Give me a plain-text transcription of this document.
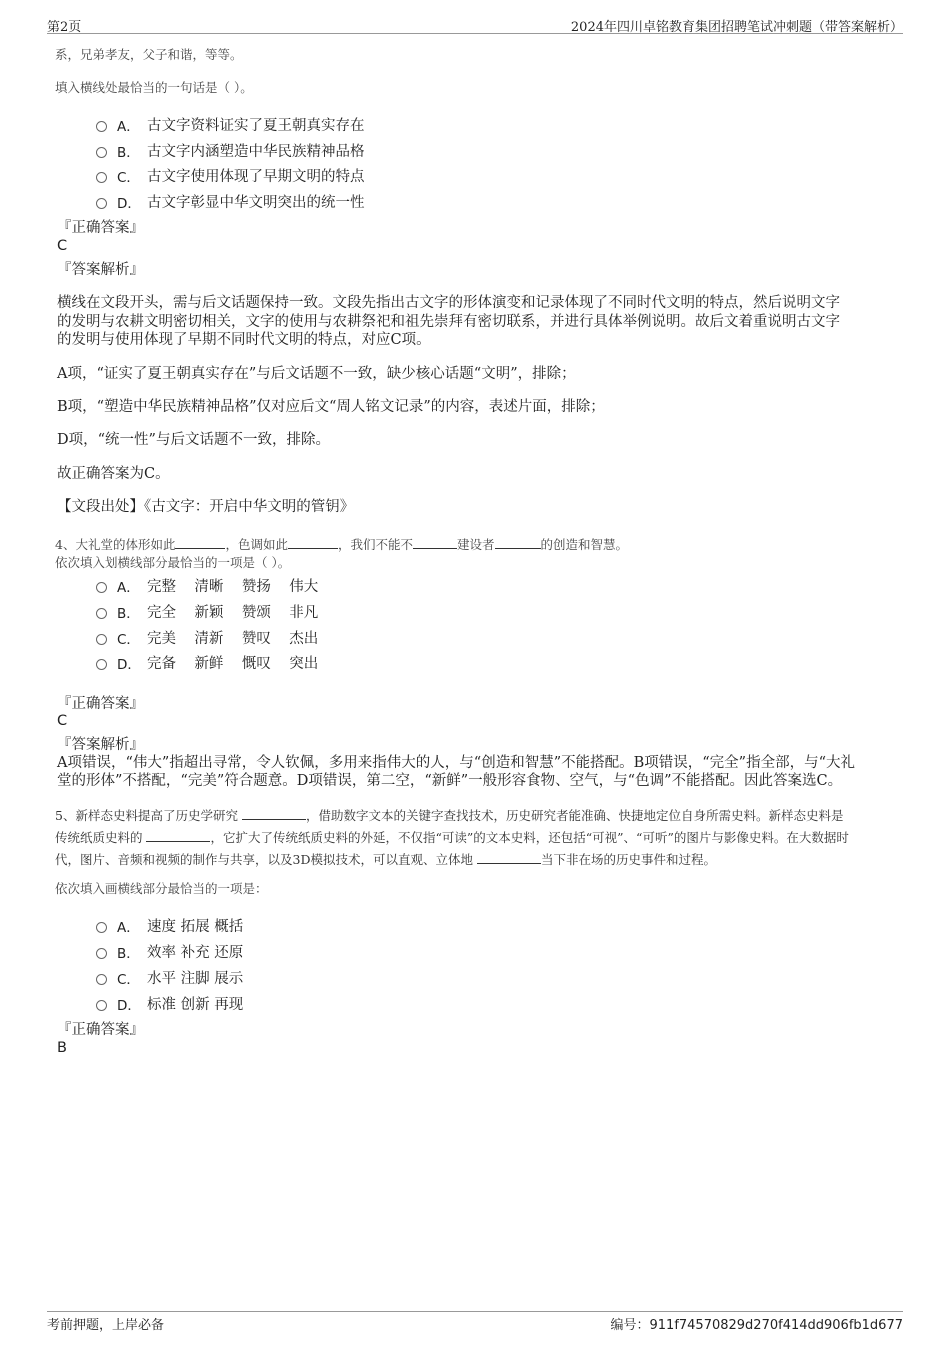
第2页	2024年四川卓铭教育集团招聘笔试冲刺题（带答案解析）
系，兄弟孝友，父子和谐，等等。
填入横线处最恰当的一句话是（ ）。
A． 古文字资料证实了夏王朝真实存在
B． 古文字内涵塑造中华民族精神品格
C． 古文字使用体现了早期文明的特点
D． 古文字彰显中华文明突出的统一性
『正确答案』
C
『答案解析』
横线在文段开头，需与后文话题保持一致。文段先指出古文字的形体演变和记录体现了不同时代文明的特点，然后说明文字
的发明与农耕文明密切相关，文字的使用与农耕祭祀和祖先崇拜有密切联系，并进行具体举例说明。故后文着重说明古文字
的发明与使用体现了早期不同时代文明的特点，对应C项。
A项，“证实了夏王朝真实存在”与后文话题不一致，缺少核心话题“文明”，排除；
B项，“塑造中华民族精神品格”仅对应后文“周人铭文记录”的内容，表述片面，排除；
D项，“统一性”与后文话题不一致，排除。
故正确答案为C。
【文段出处】《古文字：开启中华文明的管钥》
4、大礼堂的体形如此	，色调如此	，我们不能不	建设者	的创造和智慧。
依次填入划横线部分最恰当的一项是（ ）。
A． 完整    清晰    赞扬    伟大
B． 完全    新颖    赞颂    非凡
C． 完美    清新    赞叹    杰出
D． 完备    新鲜    慨叹    突出
『正确答案』
C
『答案解析』
A项错误，“伟大”指超出寻常，令人钦佩，多用来指伟大的人，与“创造和智慧”不能搭配。B项错误，“完全”指全部，与“大礼
堂的形体”不搭配，“完美”符合题意。D项错误，第二空，“新鲜”一般形容食物、空气，与“色调”不能搭配。因此答案选C。
5、新样态史料提高了历史学研究	，借助数字文本的关键字查找技术，历史研究者能准确、快捷地定位自身所需史料。新样态史料是
传统纸质史料的	，它扩大了传统纸质史料的外延，不仅指“可读”的文本史料，还包括“可视”、“可听”的图片与影像史料。在大数据时
代，图片、音频和视频的制作与共享，以及3D模拟技术，可以直观、立体地	当下非在场的历史事件和过程。
依次填入画横线部分最恰当的一项是：
A． 速度 拓展 概括
B． 效率 补充 还原
C． 水平 注脚 展示
D． 标准 创新 再现
『正确答案』
B
考前押题，上岸必备	编号：911f74570829d270f414dd906fb1d677
